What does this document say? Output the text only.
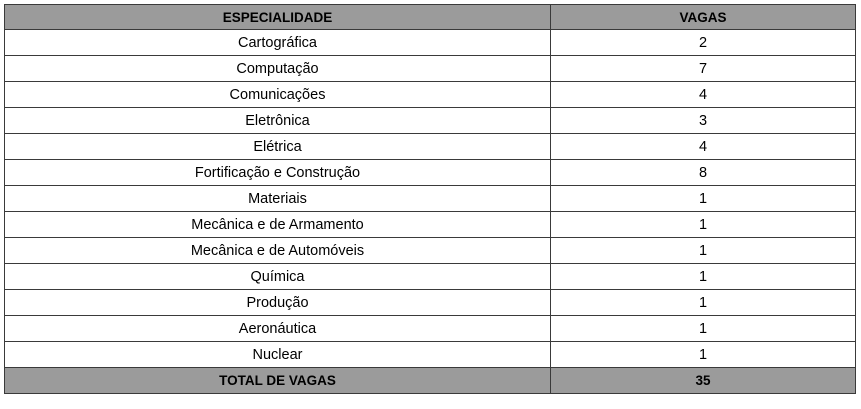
ESPECIALIDADE	VAGAS
Cartográfica	2
Computação	7
Comunicações	4
Eletrônica	3
Elétrica	4
Fortificação e Construção	8
Materiais	1
Mecânica e de Armamento	1
Mecânica e de Automóveis	1
Química	1
Produção	1
Aeronáutica	1
Nuclear	1
TOTAL DE VAGAS	35
